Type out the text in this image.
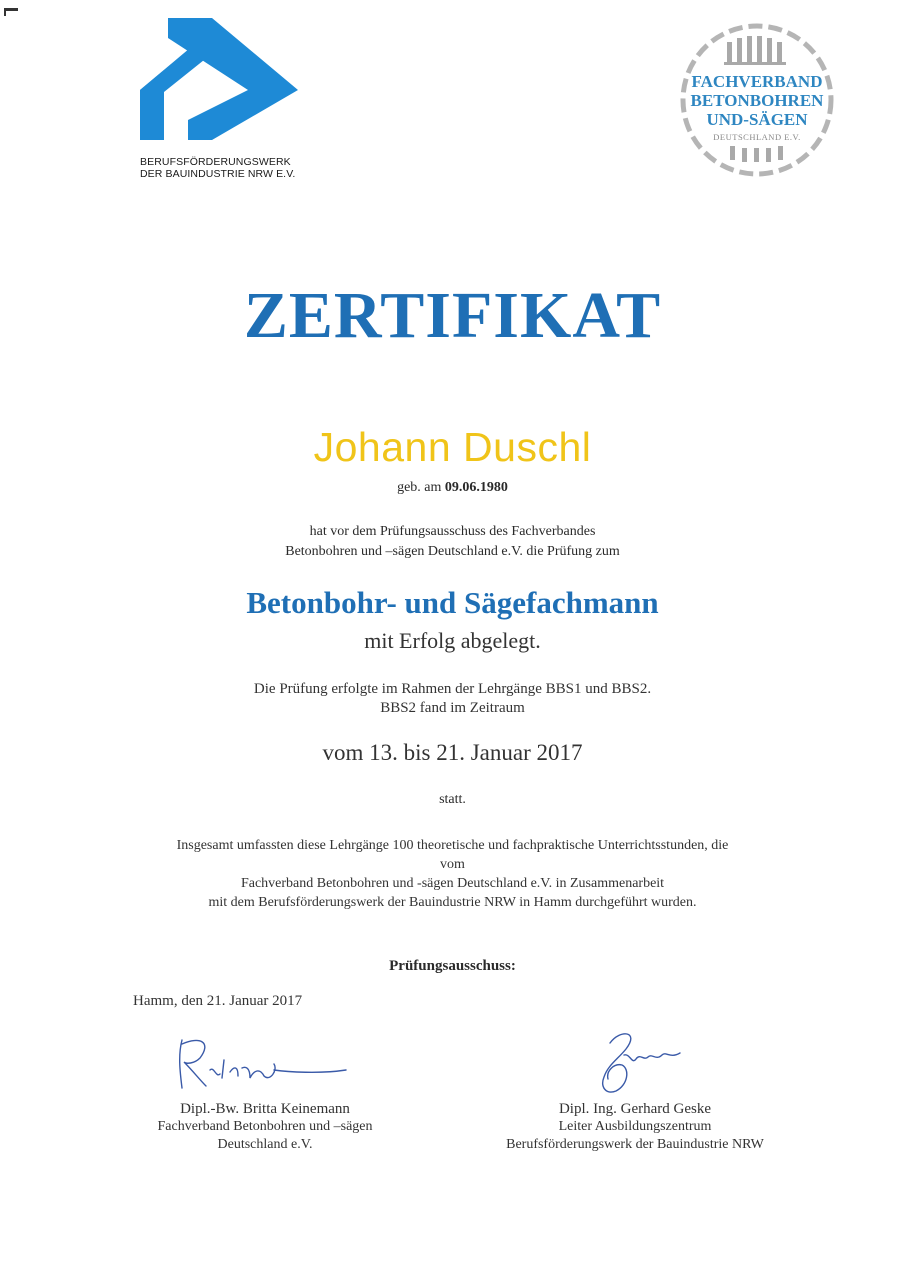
BERUFSFÖRDERUNGSWERK
DER BAUINDUSTRIE NRW E.V.
FACHVERBAND
BETONBOHREN
UND-SÄGEN
DEUTSCHLAND E.V.
ZERTIFIKAT
Johann Duschl
geb. am 09.06.1980
hat vor dem Prüfungsausschuss des Fachverbandes
Betonbohren und –sägen Deutschland e.V. die Prüfung zum
Betonbohr- und Sägefachmann
mit Erfolg abgelegt.
Die Prüfung erfolgte im Rahmen der Lehrgänge BBS1 und BBS2.
BBS2 fand im Zeitraum
vom 13. bis 21. Januar 2017
statt.
Insgesamt umfassten diese Lehrgänge 100 theoretische und fachpraktische Unterrichtsstunden, die
vom
Fachverband Betonbohren und -sägen Deutschland e.V. in Zusammenarbeit
mit dem Berufsförderungswerk der Bauindustrie NRW in Hamm durchgeführt wurden.
Prüfungsausschuss:
Hamm, den 21. Januar 2017
Dipl.-Bw. Britta Keinemann
Fachverband Betonbohren und –sägen
Deutschland e.V.
Dipl. Ing. Gerhard Geske
Leiter Ausbildungszentrum
Berufsförderungswerk der Bauindustrie NRW
